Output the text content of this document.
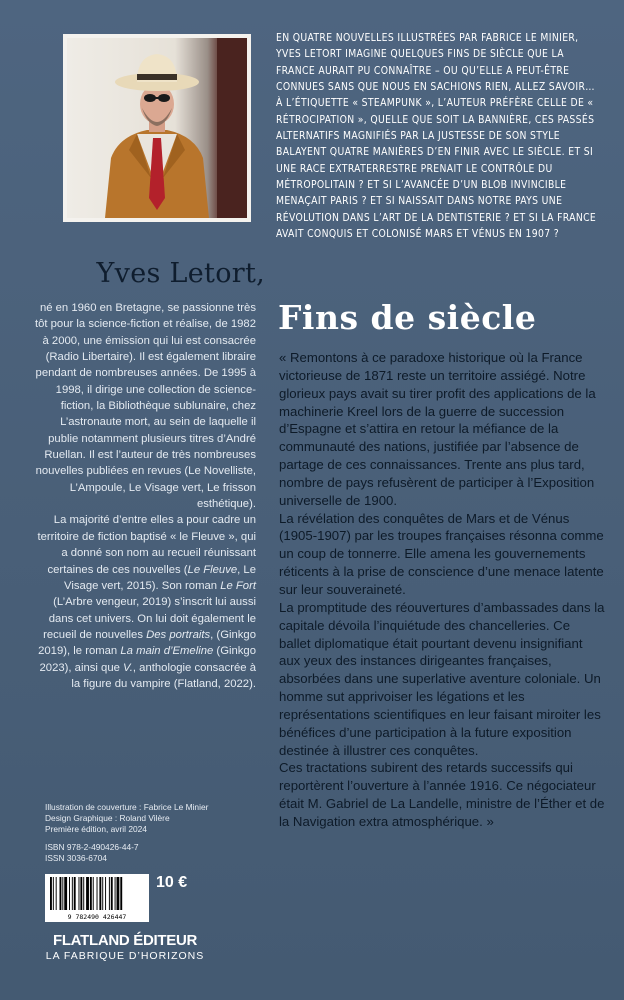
Yves Letort,

né en 1960 en Bretagne, se passionne très tôt pour la science-fiction et réalise, de 1982 à 2000, une émission qui lui est consacrée (Radio Libertaire). Il est également libraire pendant de nombreuses années. De 1995 à 1998, il dirige une collection de science-fiction, la Bibliothèque sublunaire, chez L’astronaute mort, au sein de laquelle il publie notamment plusieurs titres d’André Ruellan. Il est l’auteur de très nombreuses nouvelles publiées en revues (Le Novelliste, L’Ampoule, Le Visage vert, Le frisson esthétique).

La majorité d’entre elles a pour cadre un territoire de fiction baptisé « le Fleuve », qui a donné son nom au recueil réunissant certaines de ces nouvelles (Le Fleuve, Le Visage vert, 2015). Son roman Le Fort (L’Arbre vengeur, 2019) s’inscrit lui aussi dans cet univers. On lui doit également le recueil de nouvelles Des portraits, (Ginkgo 2019), le roman La main d’Emeline (Ginkgo 2023), ainsi que V., anthologie consacrée à la figure du vampire (Flatland, 2022).

Illustration de couverture : Fabrice Le Minier
Design Graphique : Roland Vilère
Première édition, avril 2024
ISBN 978-2-490426-44-7
ISSN 3036-6704
9 782490 426447
10 €
FLATLAND ÉDITEUR
LA FABRIQUE D’HORIZONS

EN QUATRE NOUVELLES ILLUSTRÉES PAR FABRICE LE MINIER, YVES LETORT IMAGINE QUELQUES FINS DE SIÈCLE QUE LA FRANCE AURAIT PU CONNAÎTRE – OU QU’ELLE A PEUT-ÊTRE CONNUES SANS QUE NOUS EN SACHIONS RIEN, ALLEZ SAVOIR… À L’ÉTIQUETTE « STEAMPUNK », L’AUTEUR PRÉFÈRE CELLE DE « RÉTROCIPATION », QUELLE QUE SOIT LA BANNIÈRE, CES PASSÉS ALTERNATIFS MAGNIFIÉS PAR LA JUSTESSE DE SON STYLE BALAYENT QUATRE MANIÈRES D’EN FINIR AVEC LE SIÈCLE. ET SI UNE RACE EXTRATERRESTRE PRENAIT LE CONTRÔLE DU MÉTROPOLITAIN ? ET SI L’AVANCÉE D’UN BLOB INVINCIBLE MENAÇAIT PARIS ? ET SI NAISSAIT DANS NOTRE PAYS UNE RÉVOLUTION DANS L’ART DE LA DENTISTERIE ? ET SI LA FRANCE AVAIT CONQUIS ET COLONISÉ MARS ET VÉNUS EN 1907 ?

Fins de siècle

« Remontons à ce paradoxe historique où la France victorieuse de 1871 reste un territoire assiégé. Notre glorieux pays avait su tirer profit des applications de la machinerie Kreel lors de la guerre de succession d’Espagne et s’attira en retour la méfiance de la communauté des nations, justifiée par l’absence de partage de ces connaissances. Trente ans plus tard, nombre de pays refusèrent de participer à l’Exposition universelle de 1900.

La révélation des conquêtes de Mars et de Vénus (1905-1907) par les troupes françaises résonna comme un coup de tonnerre. Elle amena les gouvernements réticents à la prise de conscience d’une menace latente sur leur souveraineté.

La promptitude des réouvertures d’ambassades dans la capitale dévoila l’inquiétude des chancelleries. Ce ballet diplomatique était pourtant devenu insignifiant aux yeux des instances dirigeantes françaises, absorbées dans une superlative aventure coloniale. Un homme sut apprivoiser les légations et les représentations scientifiques en leur faisant miroiter les bénéfices d’une participation à la future exposition destinée à illustrer ces conquêtes.

Ces tractations subirent des retards successifs qui reportèrent l’ouverture à l’année 1916. Ce négociateur était M. Gabriel de La Landelle, ministre de l’Éther et de la Navigation extra atmosphérique. »
